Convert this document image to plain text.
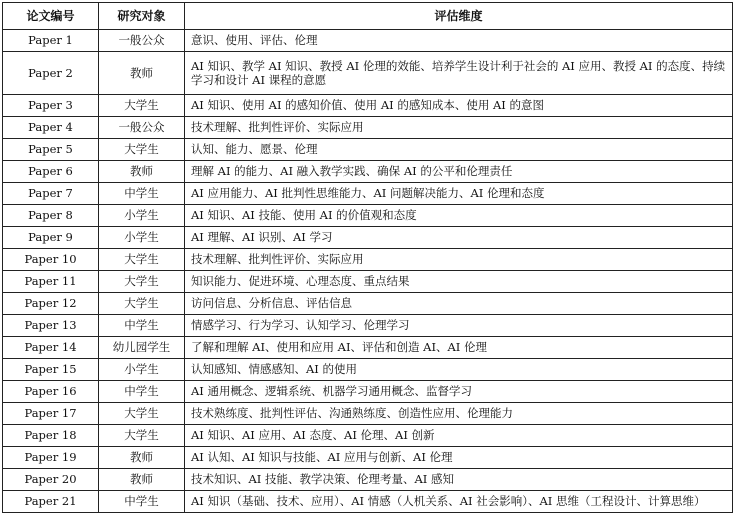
论文编号	研究对象	评估维度
Paper 1	一般公众	意识、使用、评估、伦理
Paper 2	教师	AI 知识、教学 AI 知识、教授 AI 伦理的效能、培养学生设计利于社会的 AI 应用、教授 AI 的态度、持续学习和设计 AI 课程的意愿
Paper 3	大学生	AI 知识、使用 AI 的感知价值、使用 AI 的感知成本、使用 AI 的意图
Paper 4	一般公众	技术理解、批判性评价、实际应用
Paper 5	大学生	认知、能力、愿景、伦理
Paper 6	教师	理解 AI 的能力、AI 融入教学实践、确保 AI 的公平和伦理责任
Paper 7	中学生	AI 应用能力、AI 批判性思维能力、AI 问题解决能力、AI 伦理和态度
Paper 8	小学生	AI 知识、AI 技能、使用 AI 的价值观和态度
Paper 9	小学生	AI 理解、AI 识别、AI 学习
Paper 10	大学生	技术理解、批判性评价、实际应用
Paper 11	大学生	知识能力、促进环境、心理态度、重点结果
Paper 12	大学生	访问信息、分析信息、评估信息
Paper 13	中学生	情感学习、行为学习、认知学习、伦理学习
Paper 14	幼儿园学生	了解和理解 AI、使用和应用 AI、评估和创造 AI、AI 伦理
Paper 15	小学生	认知感知、情感感知、AI 的使用
Paper 16	中学生	AI 通用概念、逻辑系统、机器学习通用概念、监督学习
Paper 17	大学生	技术熟练度、批判性评估、沟通熟练度、创造性应用、伦理能力
Paper 18	大学生	AI 知识、AI 应用、AI 态度、AI 伦理、AI 创新
Paper 19	教师	AI 认知、AI 知识与技能、AI 应用与创新、AI 伦理
Paper 20	教师	技术知识、AI 技能、教学决策、伦理考量、AI 感知
Paper 21	中学生	AI 知识（基础、技术、应用）、AI 情感（人机关系、AI 社会影响）、AI 思维（工程设计、计算思维）
